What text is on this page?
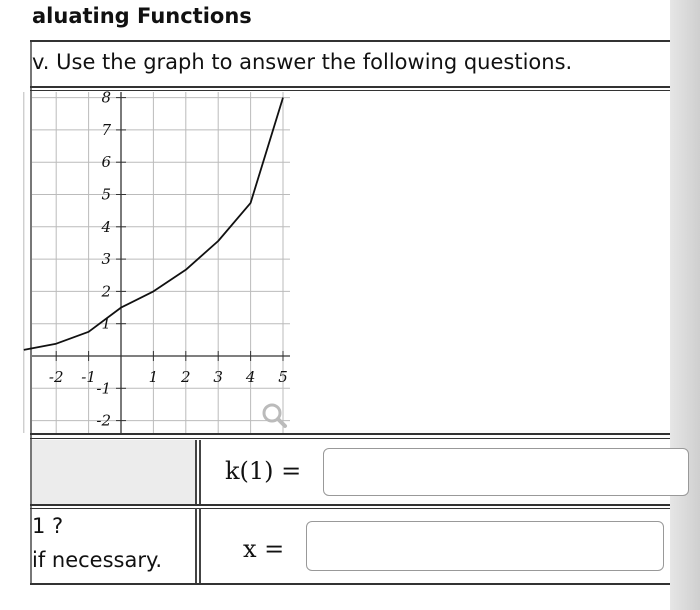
aluating Functions
v. Use the graph to answer the following questions.
-2 -1	1 2 3 4 5
8
7
6
5
4
3
2
1
-1
-2
k(1) =
1 ?
if necessary.	x =
